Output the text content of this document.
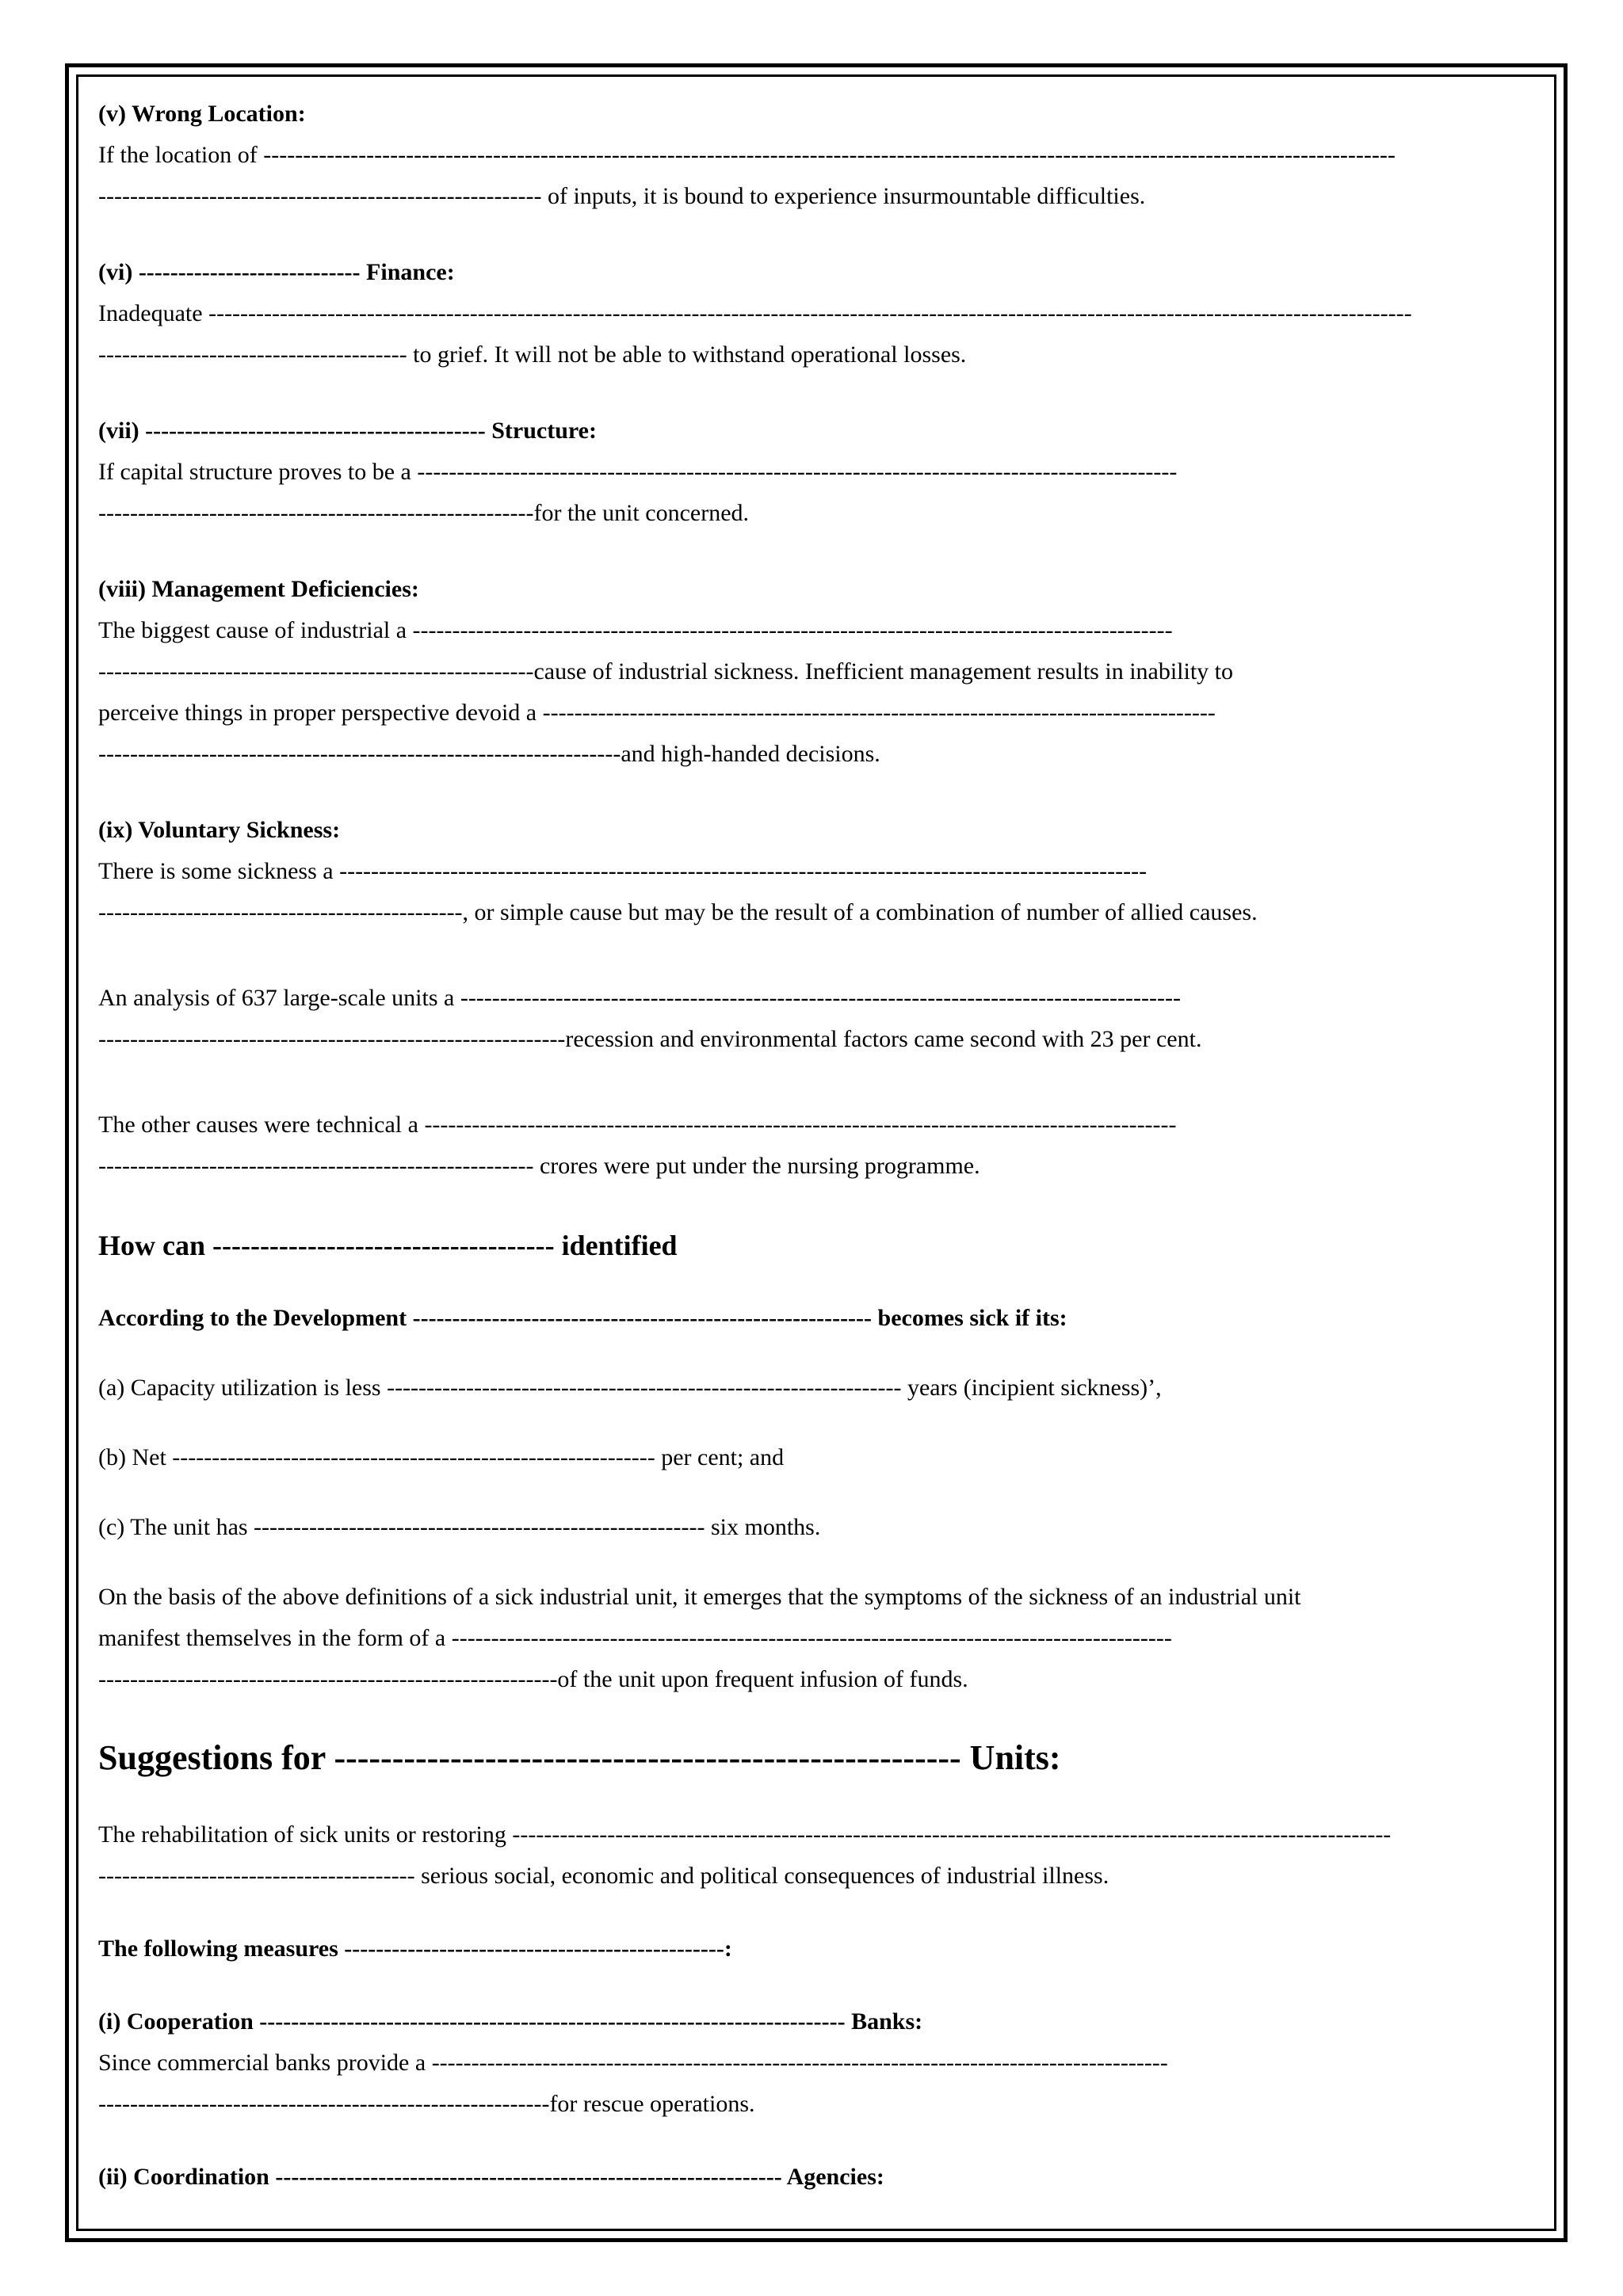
(v) Wrong Location:

If the location of -----------------------------------------------------------------------------------------------------------------------------------------------
-------------------------------------------------------- of inputs, it is bound to experience insurmountable difficulties.

(vi) ---------------------------- Finance:

Inadequate --------------------------------------------------------------------------------------------------------------------------------------------------------
--------------------------------------- to grief. It will not be able to withstand operational losses.

(vii) ------------------------------------------- Structure:

If capital structure proves to be a ------------------------------------------------------------------------------------------------
-------------------------------------------------------for the unit concerned.

(viii) Management Deficiencies:

The biggest cause of industrial a ------------------------------------------------------------------------------------------------
-------------------------------------------------------cause of industrial sickness. Inefficient management results in inability to
perceive things in proper perspective devoid a -------------------------------------------------------------------------------------
------------------------------------------------------------------and high-handed decisions.

(ix) Voluntary Sickness:

There is some sickness a ------------------------------------------------------------------------------------------------------
----------------------------------------------, or simple cause but may be the result of a combination of number of allied causes.
An analysis of 637 large-scale units a -------------------------------------------------------------------------------------------
-----------------------------------------------------------recession and environmental factors came second with 23 per cent.
The other causes were technical a -----------------------------------------------------------------------------------------------
------------------------------------------------------- crores were put under the nursing programme.

How can ------------------------------------ identified

According to the Development ---------------------------------------------------------- becomes sick if its:

(a) Capacity utilization is less ----------------------------------------------------------------- years (incipient sickness)’,

(b) Net ------------------------------------------------------------- per cent; and

(c) The unit has --------------------------------------------------------- six months.

On the basis of the above definitions of a sick industrial unit, it emerges that the symptoms of the sickness of an industrial unit
manifest themselves in the form of a -------------------------------------------------------------------------------------------
----------------------------------------------------------of the unit upon frequent infusion of funds.

Suggestions for ------------------------------------------------------ Units:

The rehabilitation of sick units or restoring ---------------------------------------------------------------------------------------------------------------
---------------------------------------- serious social, economic and political consequences of industrial illness.

The following measures ------------------------------------------------:

(i) Cooperation -------------------------------------------------------------------------- Banks:

Since commercial banks provide a ---------------------------------------------------------------------------------------------
---------------------------------------------------------for rescue operations.

(ii) Coordination ---------------------------------------------------------------- Agencies:
